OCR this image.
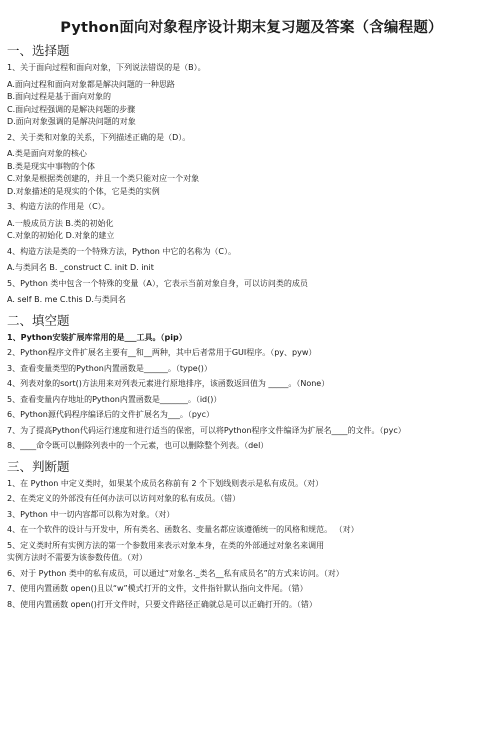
Python面向对象程序设计期末复习题及答案（含编程题）
一、选择题
1、关于面向过程和面向对象，下列说法错误的是（B）。
A.面向过程和面向对象都是解决问题的一种思路
B.面向过程是基于面向对象的
C.面向过程强调的是解决问题的步骤
D.面向对象强调的是解决问题的对象
2、关于类和对象的关系，下列描述正确的是（D）。
A.类是面向对象的核心
B.类是现实中事物的个体
C.对象是根据类创建的，并且一个类只能对应一个对象
D.对象描述的是现实的个体，它是类的实例
3、构造方法的作用是（C）。
A.一般成员方法 B.类的初始化
C.对象的初始化 D.对象的建立
4、构造方法是类的一个特殊方法，Python 中它的名称为（C）。
A.与类同名 B. _construct C. init D. init
5、Python 类中包含一个特殊的变量（A），它表示当前对象自身，可以访问类的成员
A. self B. me C.this D.与类同名
二、填空题
1、Python安装扩展库常用的是___工具。（pip）
2、Python程序文件扩展名主要有__和__两种，其中后者常用于GUI程序。（py、pyw）
3、查看变量类型的Python内置函数是______。（type()）
4、列表对象的sort()方法用来对列表元素进行原地排序，该函数返回值为 _____。（None）
5、查看变量内存地址的Python内置函数是_______。（id()）
6、Python源代码程序编译后的文件扩展名为___。（pyc）
7、为了提高Python代码运行速度和进行适当的保密，可以将Python程序文件编译为扩展名____的文件。（pyc）
8、____命令既可以删除列表中的一个元素，也可以删除整个列表。（del）
三、判断题
1、在 Python 中定义类时，如果某个成员名称前有 2 个下划线则表示是私有成员。（对）
2、在类定义的外部没有任何办法可以访问对象的私有成员。（错）
3、Python 中一切内容都可以称为对象。（对）
4、在一个软件的设计与开发中，所有类名、函数名、变量名都应该遵循统一的风格和规范。 （对）
5、定义类时所有实例方法的第一个参数用来表示对象本身，在类的外部通过对象名来调用
实例方法时不需要为该参数传值。（对）
6、对于 Python 类中的私有成员，可以通过“对象名._类名__私有成员名”的方式来访问。（对）
7、使用内置函数 open()且以“w”模式打开的文件，文件指针默认指向文件尾。（错）
8、使用内置函数 open()打开文件时，只要文件路径正确就总是可以正确打开的。（错）
